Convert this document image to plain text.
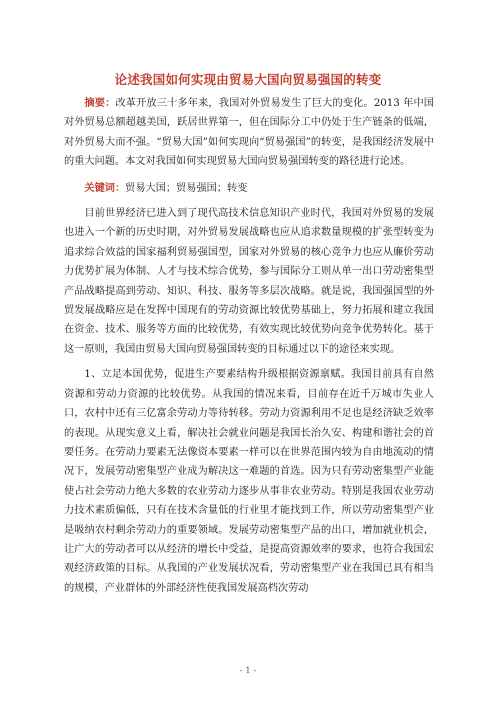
论述我国如何实现由贸易大国向贸易强国的转变

摘要：改革开放三十多年来，我国对外贸易发生了巨大的变化。2013 年中国对外贸易总额超越美国，跃居世界第一，但在国际分工中仍处于生产链条的低端，对外贸易大而不强。“贸易大国”如何实现向“贸易强国”的转变，是我国经济发展中的重大问题。本文对我国如何实现贸易大国向贸易强国转变的路径进行论述。

关键词：贸易大国；贸易强国；转变

目前世界经济已进入到了现代高技术信息知识产业时代，我国对外贸易的发展也进入一个新的历史时期，对外贸易发展战略也应从追求数量规模的扩张型转变为追求综合效益的国家福利贸易强国型，国家对外贸易的核心竞争力也应从廉价劳动力优势扩展为体制、人才与技术综合优势，参与国际分工则从单一出口劳动密集型产品战略提高到劳动、知识、科技、服务等多层次战略。就是说，我国强国型的外贸发展战略应是在发挥中国现有的劳动资源比较优势基础上，努力拓展和建立我国在资金、技术、服务等方面的比较优势，有效实现比较优势向竞争优势转化。基于这一原则，我国由贸易大国向贸易强国转变的目标通过以下的途径来实现。

1、立足本国优势，促进生产要素结构升级根据资源禀赋。我国目前具有自然资源和劳动力资源的比较优势。从我国的情况来看，目前存在近千万城市失业人口，农村中还有三亿富余劳动力等待转移。劳动力资源利用不足也是经济缺乏效率的表现。从现实意义上看，解决社会就业问题是我国长治久安、构建和谐社会的首要任务。在劳动力要素无法像资本要素一样可以在世界范围内较为自由地流动的情况下，发展劳动密集型产业成为解决这一难题的首选。因为只有劳动密集型产业能使占社会劳动力绝大多数的农业劳动力逐步从事非农业劳动。特别是我国农业劳动力技术素质偏低，只有在技术含量低的行业里才能找到工作，所以劳动密集型产业是吸纳农村剩余劳动力的重要领域。发展劳动密集型产品的出口，增加就业机会，让广大的劳动者可以从经济的增长中受益，是提高资源效率的要求，也符合我国宏观经济政策的目标。从我国的产业发展状况看，劳动密集型产业在我国已具有相当的规模，产业群体的外部经济性使我国发展高档次劳动

- 1 -
